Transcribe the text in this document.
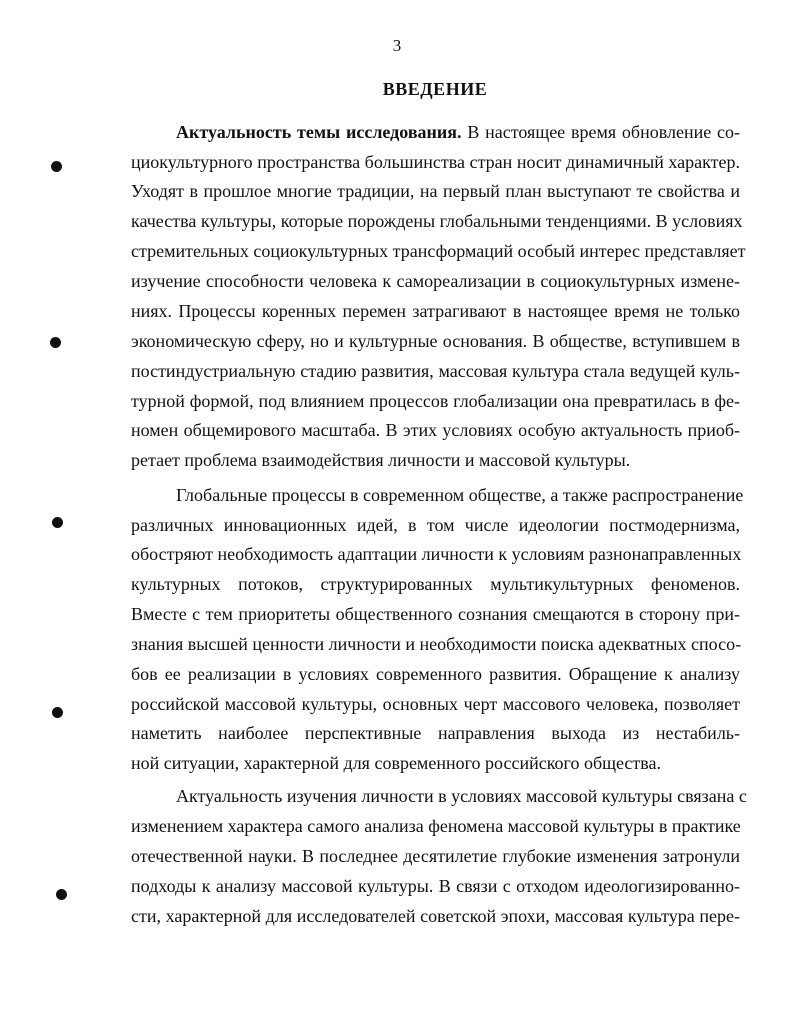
3
ВВЕДЕНИЕ
Актуальность темы исследования. В настоящее время обновление со-
циокультурного пространства большинства стран носит динамичный характер.
Уходят в прошлое многие традиции, на первый план выступают те свойства и
качества культуры, которые порождены глобальными тенденциями. В условиях
стремительных социокультурных трансформаций особый интерес представляет
изучение способности человека к самореализации в социокультурных измене-
ниях. Процессы коренных перемен затрагивают в настоящее время не только
экономическую сферу, но и культурные основания. В обществе, вступившем в
постиндустриальную стадию развития, массовая культура стала ведущей куль-
турной формой, под влиянием процессов глобализации она превратилась в фе-
номен общемирового масштаба. В этих условиях особую актуальность приоб-
ретает проблема взаимодействия личности и массовой культуры.
Глобальные процессы в современном обществе, а также распространение
различных инновационных идей, в том числе идеологии постмодернизма,
обостряют необходимость адаптации личности к условиям разнонаправленных
культурных потоков, структурированных мультикультурных феноменов.
Вместе с тем приоритеты общественного сознания смещаются в сторону при-
знания высшей ценности личности и необходимости поиска адекватных спосо-
бов ее реализации в условиях современного развития. Обращение к анализу
российской массовой культуры, основных черт массового человека, позволяет
наметить наиболее перспективные направления выхода из нестабиль-
ной ситуации, характерной для современного российского общества.
Актуальность изучения личности в условиях массовой культуры связана с
изменением характера самого анализа феномена массовой культуры в практике
отечественной науки. В последнее десятилетие глубокие изменения затронули
подходы к анализу массовой культуры. В связи с отходом идеологизированно-
сти, характерной для исследователей советской эпохи, массовая культура пере-
